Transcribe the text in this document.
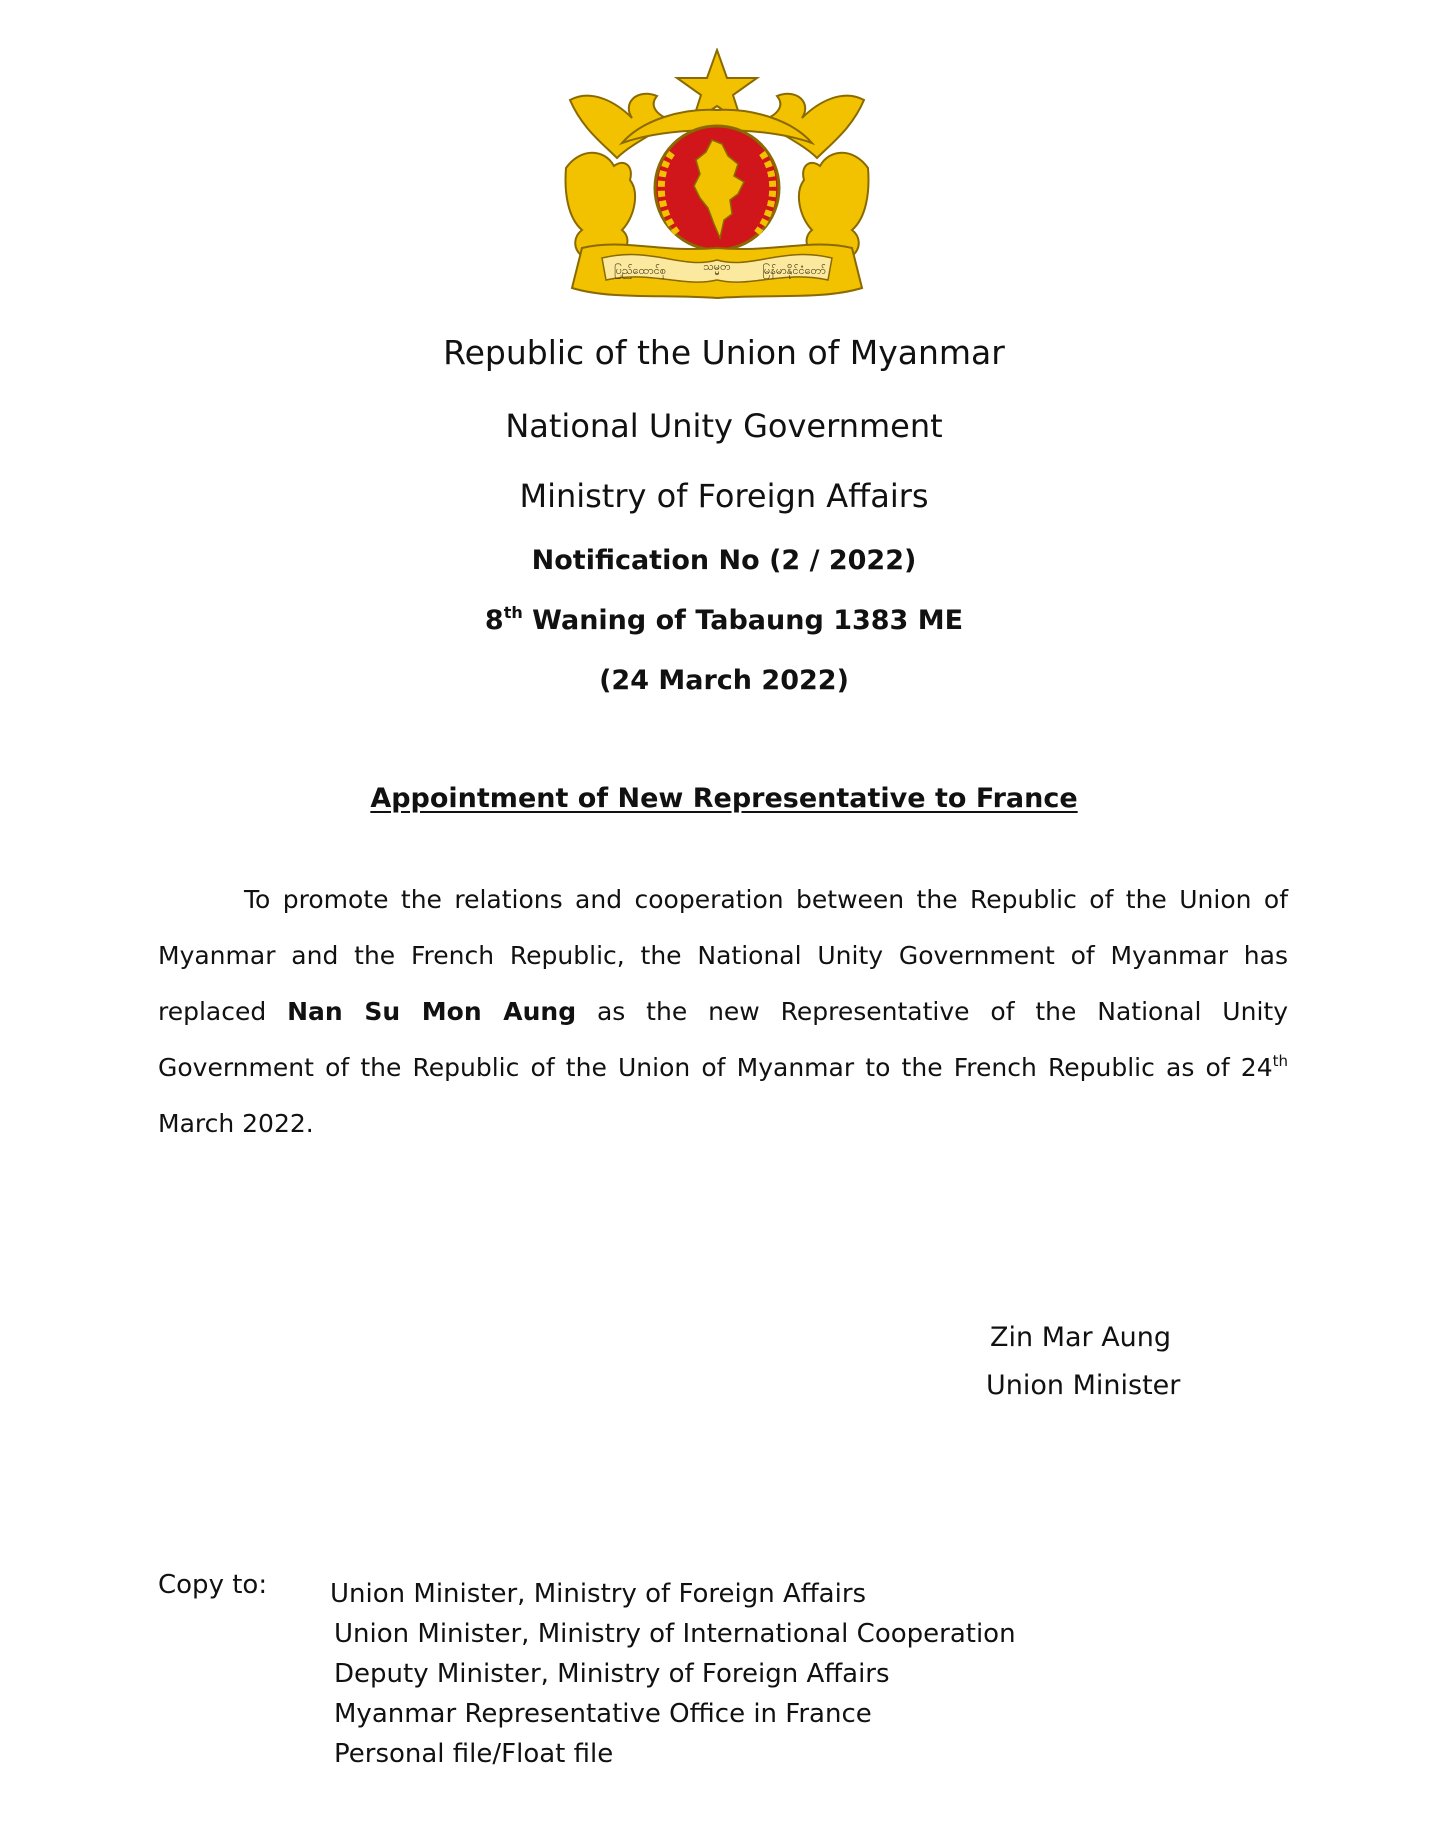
ပြည်ထောင်စု	သမ္မတ	မြန်မာနိုင်ငံတော်
Republic of the Union of Myanmar
National Unity Government
Ministry of Foreign Affairs
Notification No (2 / 2022)
8th Waning of Tabaung 1383 ME
(24 March 2022)
Appointment of New Representative to France

To promote the relations and cooperation between the Republic of the Union of Myanmar and the French Republic, the National Unity Government of Myanmar has replaced Nan Su Mon Aung as the new Representative of the National Unity Government of the Republic of the Union of Myanmar to the French Republic as of 24th March 2022.

Zin Mar Aung
Union Minister
Copy to: Union Minister, Ministry of Foreign Affairs
Union Minister, Ministry of International Cooperation
Deputy Minister, Ministry of Foreign Affairs
Myanmar Representative Office in France
Personal file/Float file
